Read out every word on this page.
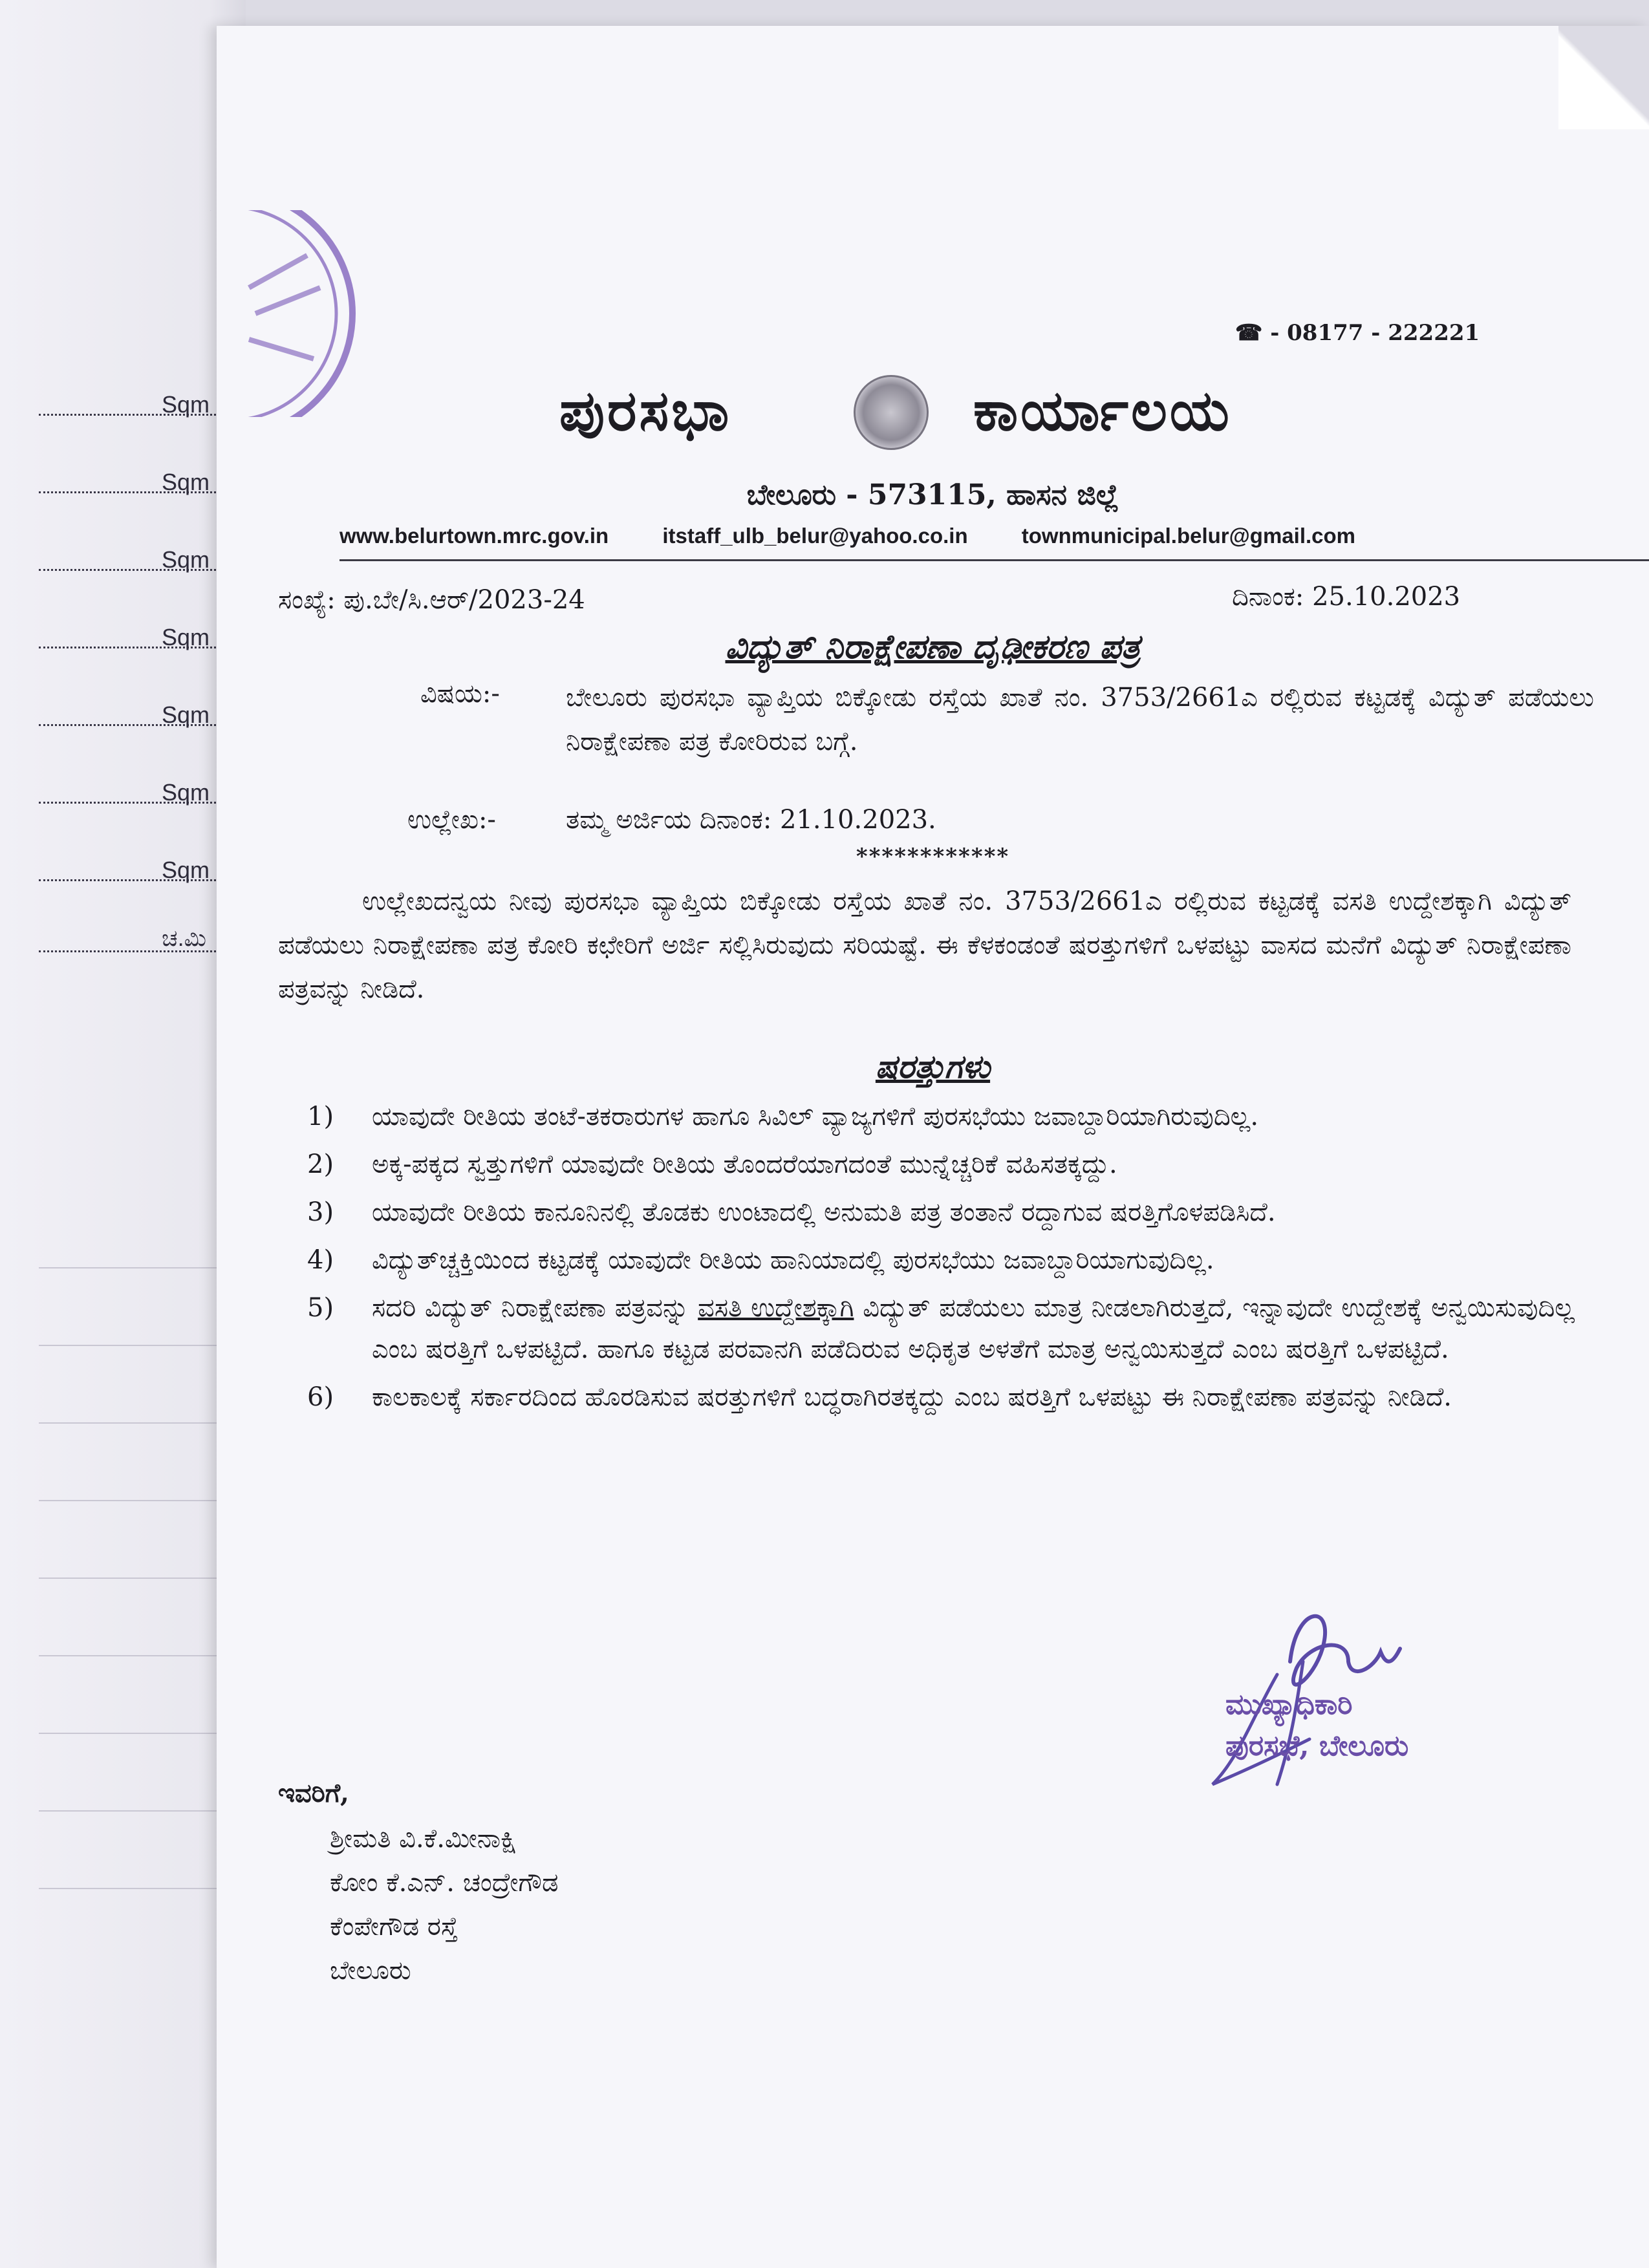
Sqm
Sqm
Sqm
Sqm
Sqm
Sqm
Sqm
ಚ.ಮಿ
☎ - 08177 - 222221
ಪುರಸಭಾ	ಕಾರ್ಯಾಲಯ
ಬೇಲೂರು - 573115, ಹಾಸನ ಜಿಲ್ಲೆ
www.belurtown.mrc.gov.in	itstaff_ulb_belur@yahoo.co.in	townmunicipal.belur@gmail.com
ಸಂಖ್ಯೆ: ಪು.ಬೇ/ಸಿ.ಆರ್/2023-24	ದಿನಾಂಕ: 25.10.2023
ವಿದ್ಯುತ್ ನಿರಾಕ್ಷೇಪಣಾ ದೃಢೀಕರಣ ಪತ್ರ
ವಿಷಯ:-	ಬೇಲೂರು ಪುರಸಭಾ ವ್ಯಾಪ್ತಿಯ ಬಿಕ್ಕೋಡು ರಸ್ತೆಯ ಖಾತೆ ನಂ. 3753/2661ಎ ರಲ್ಲಿರುವ ಕಟ್ಟಡಕ್ಕೆ ವಿದ್ಯುತ್ ಪಡೆಯಲು ನಿರಾಕ್ಷೇಪಣಾ ಪತ್ರ ಕೋರಿರುವ ಬಗ್ಗೆ.
ಉಲ್ಲೇಖ:-	ತಮ್ಮ ಅರ್ಜಿಯ ದಿನಾಂಕ: 21.10.2023.
************
ಉಲ್ಲೇಖದನ್ವಯ ನೀವು ಪುರಸಭಾ ವ್ಯಾಪ್ತಿಯ ಬಿಕ್ಕೋಡು ರಸ್ತೆಯ ಖಾತೆ ನಂ. 3753/2661ಎ ರಲ್ಲಿರುವ ಕಟ್ಟಡಕ್ಕೆ ವಸತಿ ಉದ್ದೇಶಕ್ಕಾಗಿ ವಿದ್ಯುತ್ ಪಡೆಯಲು ನಿರಾಕ್ಷೇಪಣಾ ಪತ್ರ ಕೋರಿ ಕಛೇರಿಗೆ ಅರ್ಜಿ ಸಲ್ಲಿಸಿರುವುದು ಸರಿಯಷ್ಟೆ. ಈ ಕೆಳಕಂಡಂತೆ ಷರತ್ತುಗಳಿಗೆ ಒಳಪಟ್ಟು ವಾಸದ ಮನೆಗೆ ವಿದ್ಯುತ್ ನಿರಾಕ್ಷೇಪಣಾ ಪತ್ರವನ್ನು ನೀಡಿದೆ.
ಷರತ್ತುಗಳು
1) ಯಾವುದೇ ರೀತಿಯ ತಂಟೆ-ತಕರಾರುಗಳ ಹಾಗೂ ಸಿವಿಲ್ ವ್ಯಾಜ್ಯಗಳಿಗೆ ಪುರಸಭೆಯು ಜವಾಬ್ದಾರಿಯಾಗಿರುವುದಿಲ್ಲ.
2) ಅಕ್ಕ-ಪಕ್ಕದ ಸ್ವತ್ತುಗಳಿಗೆ ಯಾವುದೇ ರೀತಿಯ ತೊಂದರೆಯಾಗದಂತೆ ಮುನ್ನೆಚ್ಚರಿಕೆ ವಹಿಸತಕ್ಕದ್ದು.
3) ಯಾವುದೇ ರೀತಿಯ ಕಾನೂನಿನಲ್ಲಿ ತೊಡಕು ಉಂಟಾದಲ್ಲಿ ಅನುಮತಿ ಪತ್ರ ತಂತಾನೆ ರದ್ದಾಗುವ ಷರತ್ತಿಗೊಳಪಡಿಸಿದೆ.
4) ವಿದ್ಯುತ್‌ಚ್ಚಕ್ತಿಯಿಂದ ಕಟ್ಟಡಕ್ಕೆ ಯಾವುದೇ ರೀತಿಯ ಹಾನಿಯಾದಲ್ಲಿ ಪುರಸಭೆಯು ಜವಾಬ್ದಾರಿಯಾಗುವುದಿಲ್ಲ.
5) ಸದರಿ ವಿದ್ಯುತ್ ನಿರಾಕ್ಷೇಪಣಾ ಪತ್ರವನ್ನು ವಸತಿ ಉದ್ದೇಶಕ್ಕಾಗಿ ವಿದ್ಯುತ್ ಪಡೆಯಲು ಮಾತ್ರ ನೀಡಲಾಗಿರುತ್ತದೆ, ಇನ್ನಾವುದೇ ಉದ್ದೇಶಕ್ಕೆ ಅನ್ವಯಿಸುವುದಿಲ್ಲ ಎಂಬ ಷರತ್ತಿಗೆ ಒಳಪಟ್ಟಿದೆ. ಹಾಗೂ ಕಟ್ಟಡ ಪರವಾನಗಿ ಪಡೆದಿರುವ ಅಧಿಕೃತ ಅಳತೆಗೆ ಮಾತ್ರ ಅನ್ವಯಿಸುತ್ತದೆ ಎಂಬ ಷರತ್ತಿಗೆ ಒಳಪಟ್ಟಿದೆ.
6) ಕಾಲಕಾಲಕ್ಕೆ ಸರ್ಕಾರದಿಂದ ಹೊರಡಿಸುವ ಷರತ್ತುಗಳಿಗೆ ಬದ್ಧರಾಗಿರತಕ್ಕದ್ದು ಎಂಬ ಷರತ್ತಿಗೆ ಒಳಪಟ್ಟು ಈ ನಿರಾಕ್ಷೇಪಣಾ ಪತ್ರವನ್ನು ನೀಡಿದೆ.
ಮುಖ್ಯಾಧಿಕಾರಿ
ಪುರಸಭೆ, ಬೇಲೂರು
ಇವರಿಗೆ,
ಶ್ರೀಮತಿ ವಿ.ಕೆ.ಮೀನಾಕ್ಷಿ
ಕೋಂ ಕೆ.ಎನ್. ಚಂದ್ರೇಗೌಡ
ಕೆಂಪೇಗೌಡ ರಸ್ತೆ
ಬೇಲೂರು
